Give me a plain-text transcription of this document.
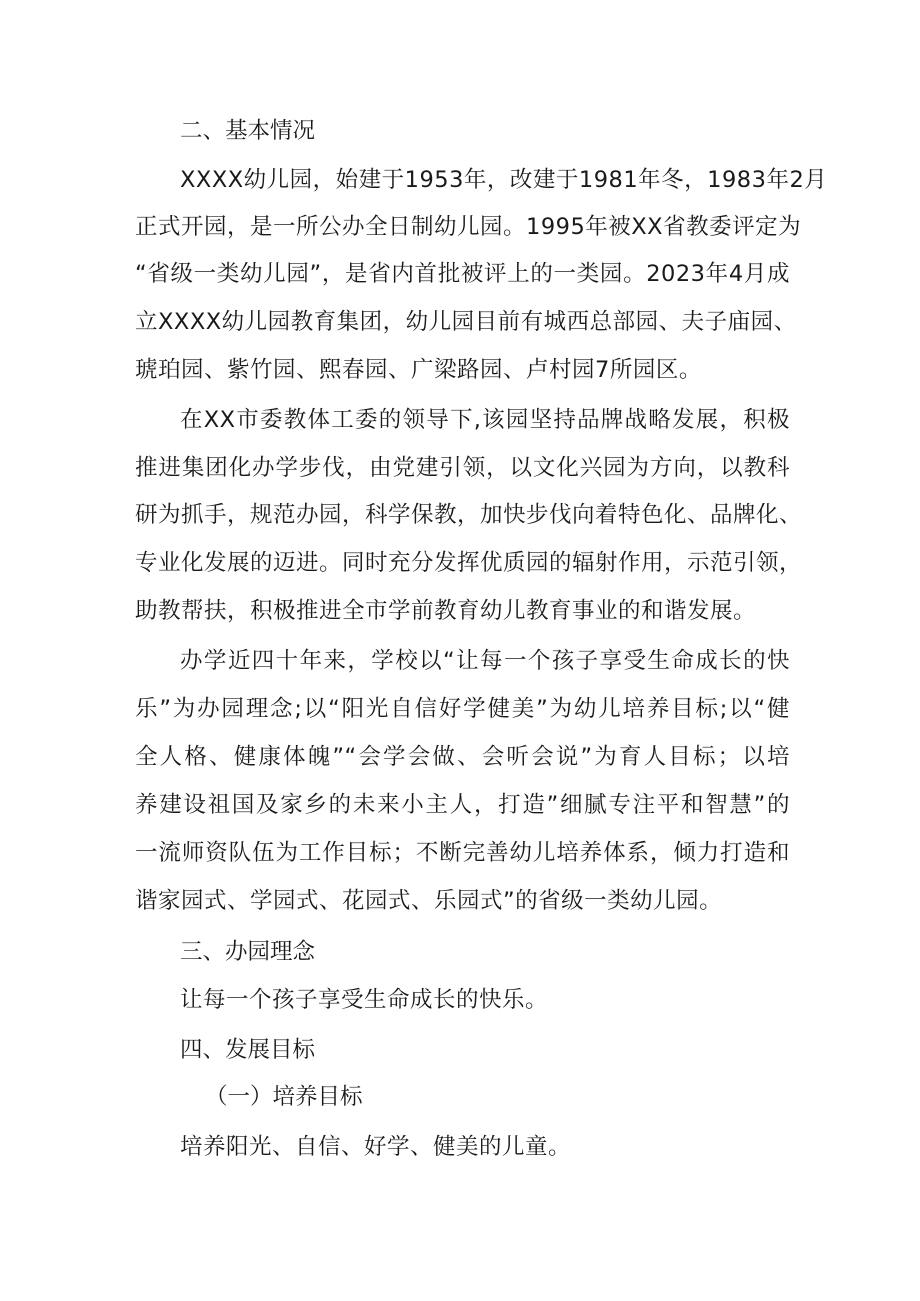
二、基本情况
XXXX幼儿园，始建于1953年，改建于1981年冬，1983年2月
正式开园，是一所公办全日制幼儿园。1995年被XX省教委评定为
“省级一类幼儿园”，是省内首批被评上的一类园。2023年4月成
立XXXX幼儿园教育集团，幼儿园目前有城西总部园、夫子庙园、
琥珀园、紫竹园、熙春园、广梁路园、卢村园7所园区。
在XX市委教体工委的领导下,该园坚持品牌战略发展，积极
推进集团化办学步伐，由党建引领，以文化兴园为方向，以教科
研为抓手，规范办园，科学保教，加快步伐向着特色化、品牌化、
专业化发展的迈进。同时充分发挥优质园的辐射作用，示范引领，
助教帮扶，积极推进全市学前教育幼儿教育事业的和谐发展。
办学近四十年来，学校以“让每一个孩子享受生命成长的快
乐”为办园理念;以“阳光自信好学健美”为幼儿培养目标;以“健
全人格、健康体魄”“会学会做、会听会说”为育人目标；以培
养建设祖国及家乡的未来小主人，打造”细腻专注平和智慧”的
一流师资队伍为工作目标；不断完善幼儿培养体系，倾力打造和
谐家园式、学园式、花园式、乐园式”的省级一类幼儿园。
三、办园理念
让每一个孩子享受生命成长的快乐。
四、发展目标
（一）培养目标
培养阳光、自信、好学、健美的儿童。
